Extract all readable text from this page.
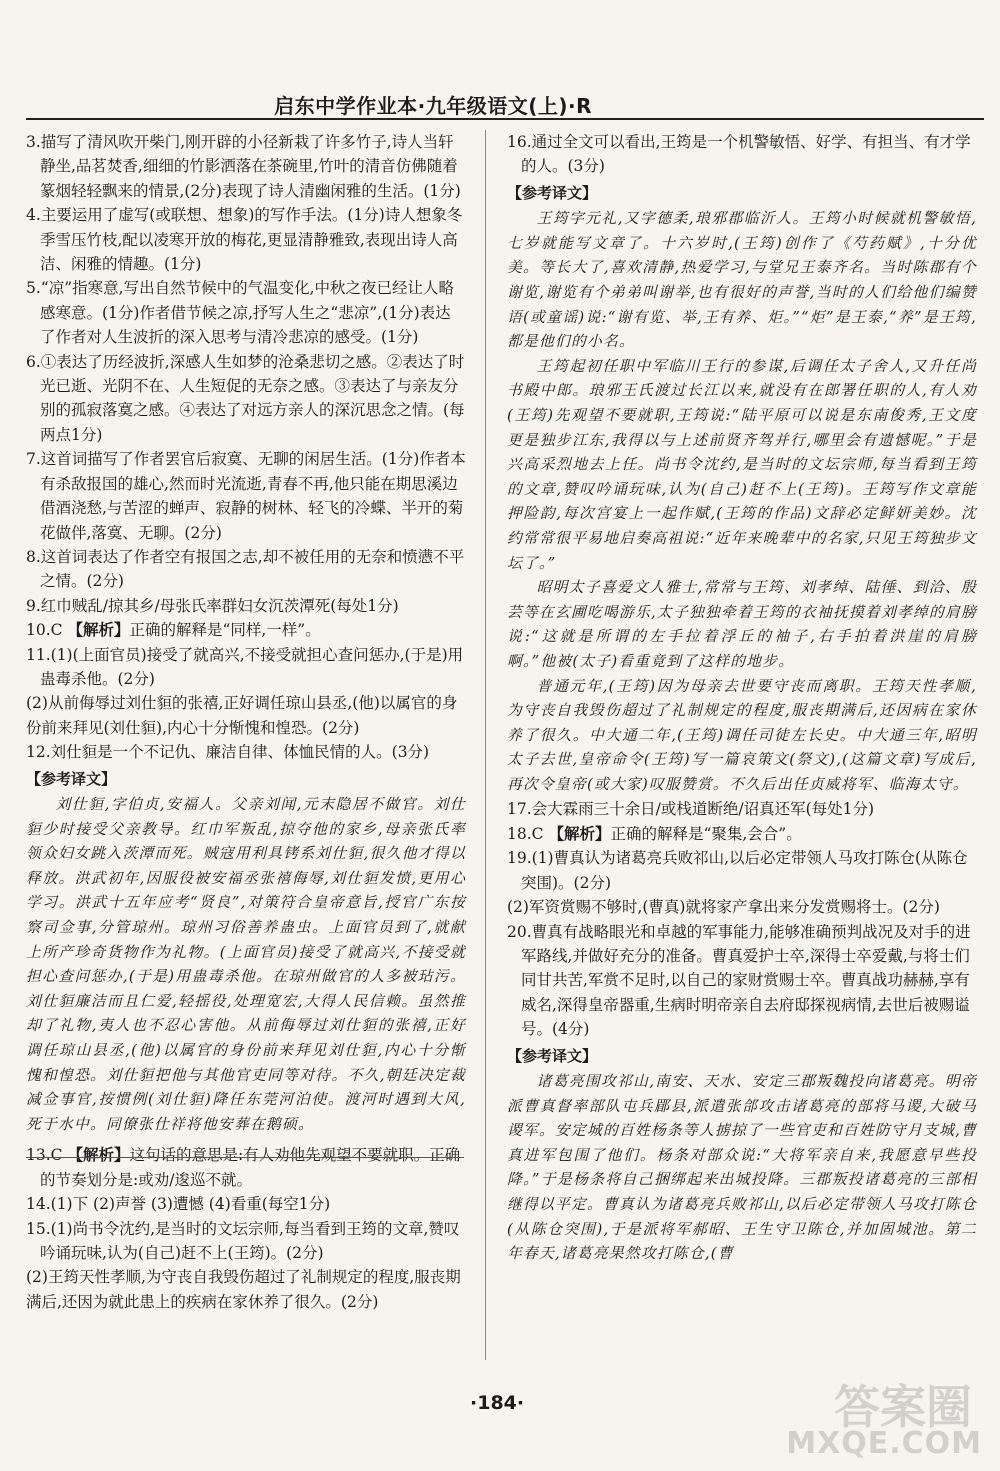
启东中学作业本·九年级语文(上)·R

3.描写了清风吹开柴门,刚开辟的小径新栽了许多竹子,诗人当轩静坐,品茗焚香,细细的竹影洒落在茶碗里,竹叶的清音仿佛随着篆烟轻轻飘来的情景,(2分)表现了诗人清幽闲雅的生活。(1分)

4.主要运用了虚写(或联想、想象)的写作手法。(1分)诗人想象冬季雪压竹枝,配以凌寒开放的梅花,更显清静雅致,表现出诗人高洁、闲雅的情趣。(1分)

5.“凉”指寒意,写出自然节候中的气温变化,中秋之夜已经让人略感寒意。(1分)作者借节候之凉,抒写人生之“悲凉”,(1分)表达了作者对人生波折的深入思考与清冷悲凉的感受。(1分)

6.①表达了历经波折,深感人生如梦的沧桑悲切之感。②表达了时光已逝、光阴不在、人生短促的无奈之感。③表达了与亲友分别的孤寂落寞之感。④表达了对远方亲人的深沉思念之情。(每两点1分)

7.这首词描写了作者罢官后寂寞、无聊的闲居生活。(1分)作者本有杀敌报国的雄心,然而时光流逝,青春不再,他只能在期思溪边借酒浇愁,与苦涩的蝉声、寂静的树林、轻飞的冷蝶、半开的菊花做伴,落寞、无聊。(2分)

8.这首词表达了作者空有报国之志,却不被任用的无奈和愤懑不平之情。(2分)

9.红巾贼乱/掠其乡/母张氏率群妇女沉茨潭死(每处1分)

10.C 【解析】正确的解释是“同样,一样”。

11.(1)(上面官员)接受了就高兴,不接受就担心查问惩办,(于是)用蛊毒杀他。(2分)

(2)从前侮辱过刘仕貆的张禧,正好调任琼山县丞,(他)以属官的身份前来拜见(刘仕貆),内心十分惭愧和惶恐。(2分)

12.刘仕貆是一个不记仇、廉洁自律、体恤民情的人。(3分)

【参考译文】

刘仕貆,字伯贞,安福人。父亲刘闻,元末隐居不做官。刘仕貆少时接受父亲教导。红巾军叛乱,掠夺他的家乡,母亲张氏率领众妇女跳入茨潭而死。贼寇用利具铐系刘仕貆,很久他才得以释放。洪武初年,因服役被安福丞张禧侮辱,刘仕貆发愤,更用心学习。洪武十五年应考“贤良”,对策符合皇帝意旨,授官广东按察司佥事,分管琼州。琼州习俗善养蛊虫。上面官员到了,就献上所产珍奇货物作为礼物。(上面官员)接受了就高兴,不接受就担心查问惩办,(于是)用蛊毒杀他。在琼州做官的人多被玷污。刘仕貆廉洁而且仁爱,轻摇役,处理宽宏,大得人民信赖。虽然推却了礼物,夷人也不忍心害他。从前侮辱过刘仕貆的张禧,正好调任琼山县丞,(他)以属官的身份前来拜见刘仕貆,内心十分惭愧和惶恐。刘仕貆把他与其他官吏同等对待。不久,朝廷决定裁减佥事官,按惯例(刘仕貆)降任东莞河泊使。渡河时遇到大风,死于水中。同僚张仕祥将他安葬在鹅硕。

13.C 【解析】这句话的意思是:有人劝他先观望不要就职。正确的节奏划分是:或劝/逡巡不就。

14.(1)下 (2)声誉 (3)遭憾 (4)看重(每空1分)

15.(1)尚书令沈约,是当时的文坛宗师,每当看到王筠的文章,赞叹吟诵玩味,认为(自己)赶不上(王筠)。(2分)

(2)王筠天性孝顺,为守丧自我毁伤超过了礼制规定的程度,服丧期满后,还因为就此患上的疾病在家休养了很久。(2分)

16.通过全文可以看出,王筠是一个机警敏悟、好学、有担当、有才学的人。(3分)

【参考译文】

王筠字元礼,又字德柔,琅邪郡临沂人。王筠小时候就机警敏悟,七岁就能写文章了。十六岁时,(王筠)创作了《芍药赋》,十分优美。等长大了,喜欢清静,热爱学习,与堂兄王泰齐名。当时陈郡有个谢览,谢览有个弟弟叫谢举,也有很好的声誉,当时的人们给他们编赞语(或童谣)说:“谢有览、举,王有养、炬。”“炬”是王泰,“养”是王筠,都是他们的小名。

王筠起初任职中军临川王行的参谋,后调任太子舍人,又升任尚书殿中郎。琅邪王氏渡过长江以来,就没有在郎署任职的人,有人劝(王筠)先观望不要就职,王筠说:“陆平原可以说是东南俊秀,王文度更是独步江东,我得以与上述前贤齐驾并行,哪里会有遗憾呢。”于是兴高采烈地去上任。尚书令沈约,是当时的文坛宗师,每当看到王筠的文章,赞叹吟诵玩味,认为(自己)赶不上(王筠)。王筠写作文章能押险韵,每次宫宴上一起作赋,(王筠的作品)文辞必定鲜妍美妙。沈约常常很平易地启奏高祖说:“近年来晚辈中的名家,只见王筠独步文坛了。”

昭明太子喜爱文人雅士,常常与王筠、刘孝绰、陆倕、到洽、殷芸等在玄圃吃喝游乐,太子独独牵着王筠的衣袖抚摸着刘孝绰的肩膀说:“这就是所谓的左手拉着浮丘的袖子,右手拍着洪崖的肩膀啊。”他被(太子)看重竟到了这样的地步。

普通元年,(王筠)因为母亲去世要守丧而离职。王筠天性孝顺,为守丧自我毁伤超过了礼制规定的程度,服丧期满后,还因病在家休养了很久。中大通二年,(王筠)调任司徒左长史。中大通三年,昭明太子去世,皇帝命令(王筠)写一篇哀策文(祭文),(这篇文章)写成后,再次令皇帝(或大家)叹服赞赏。不久后出任贞威将军、临海太守。

17.会大霖雨三十余日/或栈道断绝/诏真还军(每处1分)

18.C 【解析】正确的解释是“聚集,会合”。

19.(1)曹真认为诸葛亮兵败祁山,以后必定带领人马攻打陈仓(从陈仓突围)。(2分)

(2)军资赏赐不够时,(曹真)就将家产拿出来分发赏赐将士。(2分)

20.曹真有战略眼光和卓越的军事能力,能够准确预判战况及对手的进军路线,并做好充分的准备。曹真爱护士卒,深得士卒爱戴,与将士们同甘共苦,军赏不足时,以自己的家财赏赐士卒。曹真战功赫赫,享有威名,深得皇帝器重,生病时明帝亲自去府邸探视病情,去世后被赐谥号。(4分)

【参考译文】

诸葛亮围攻祁山,南安、天水、安定三郡叛魏投向诸葛亮。明帝派曹真督率部队屯兵郿县,派遣张郃攻击诸葛亮的部将马谡,大破马谡军。安定城的百姓杨条等人掳掠了一些官吏和百姓防守月支城,曹真进军包围了他们。杨条对部众说:“大将军亲自来,我愿意早些投降。”于是杨条将自己捆绑起来出城投降。三郡叛投诸葛亮的三部相继得以平定。曹真认为诸葛亮兵败祁山,以后必定带领人马攻打陈仓(从陈仓突围),于是派将军郝昭、王生守卫陈仓,并加固城池。第二年春天,诸葛亮果然攻打陈仓,(曹

·184·	答案圈
MXQE.COM
